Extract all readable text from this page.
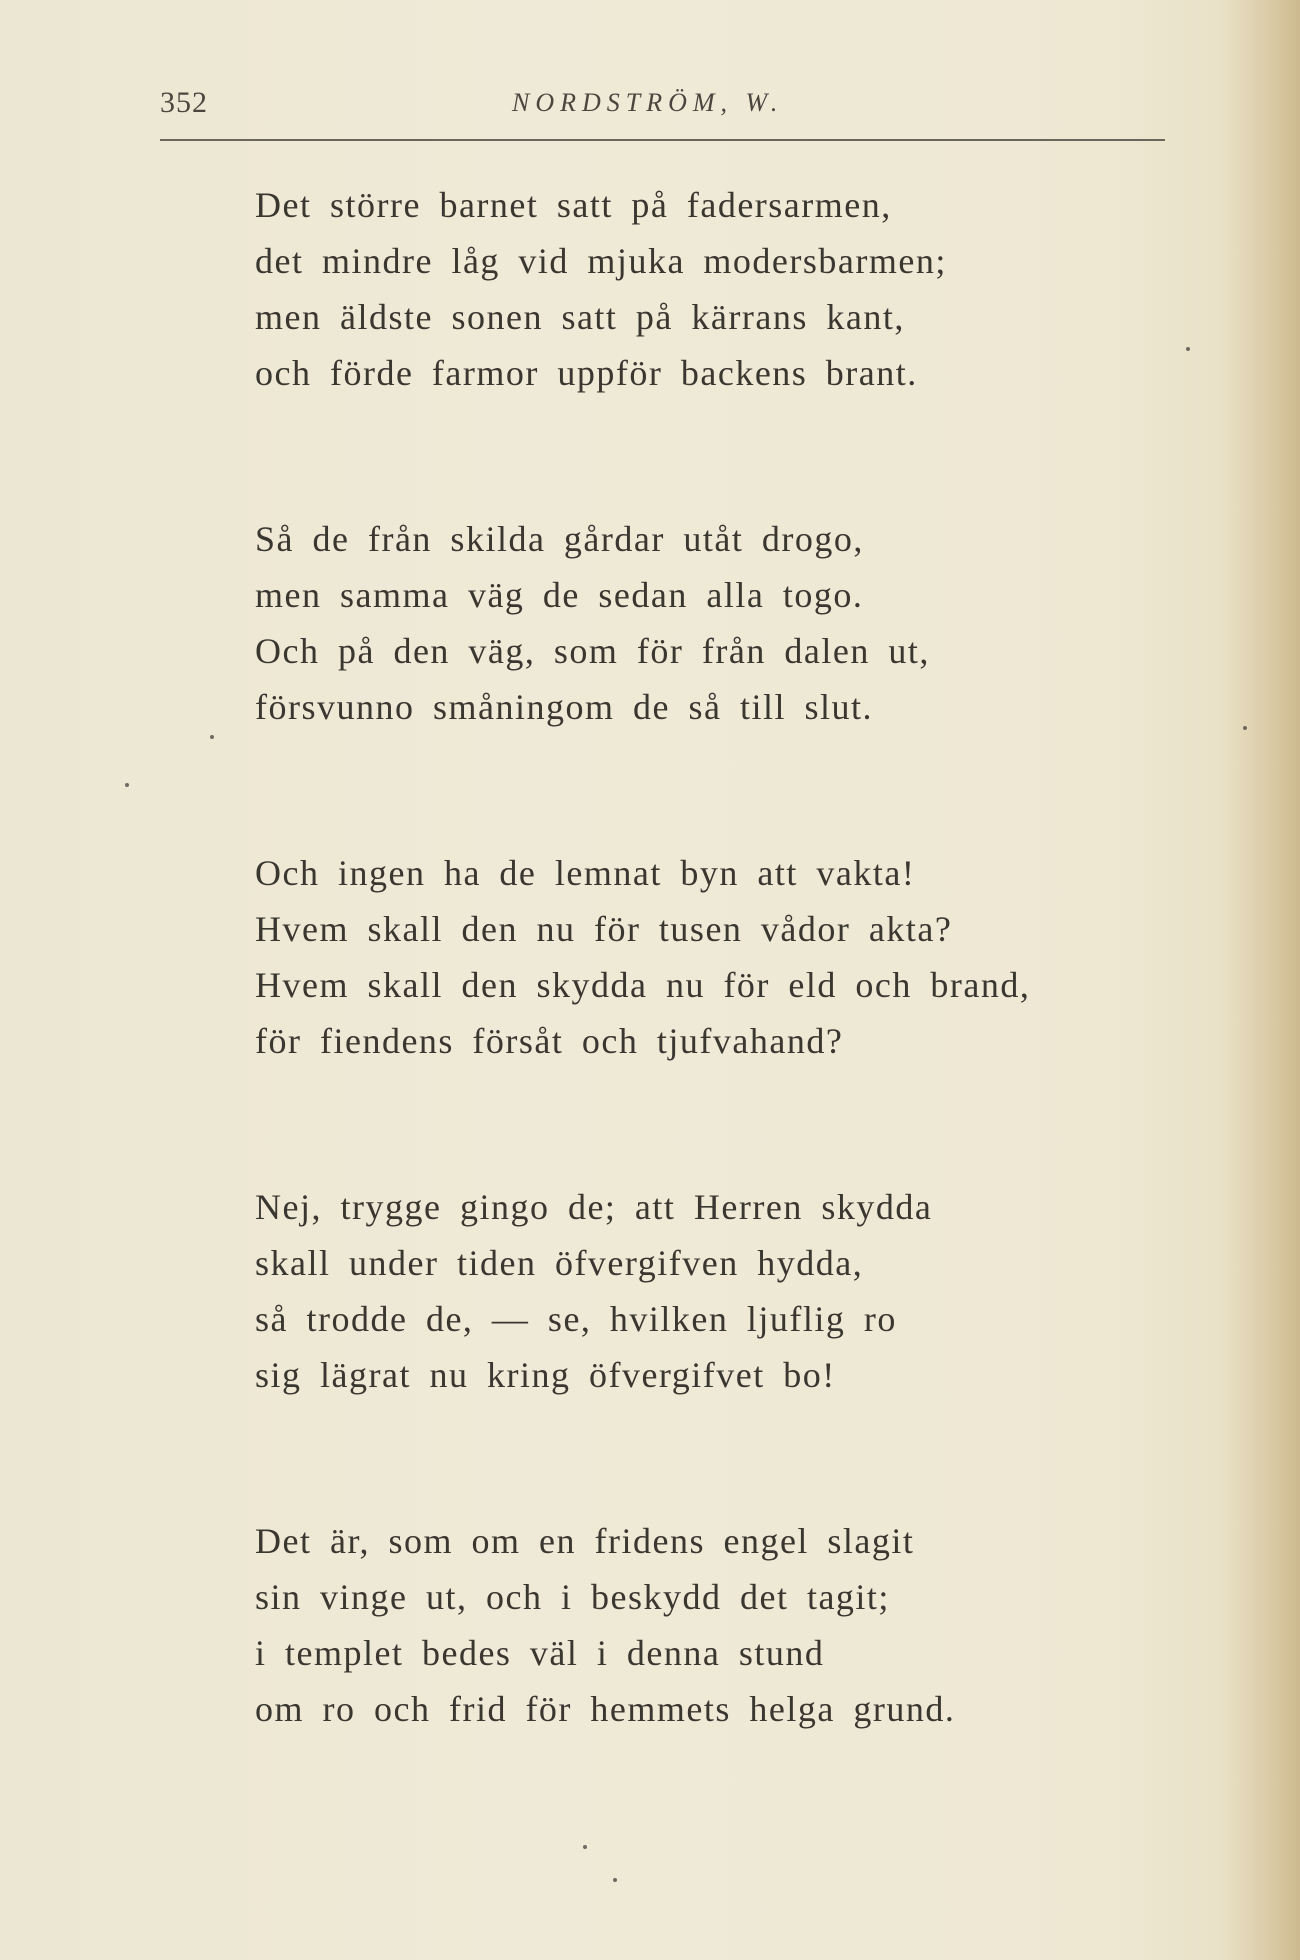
352	NORDSTRÖM, W.
Det större barnet satt på fadersarmen,
det mindre låg vid mjuka modersbarmen;
men äldste sonen satt på kärrans kant,
och förde farmor uppför backens brant.
Så de från skilda gårdar utåt drogo,
men samma väg de sedan alla togo.
Och på den väg, som för från dalen ut,
försvunno småningom de så till slut.
Och ingen ha de lemnat byn att vakta!
Hvem skall den nu för tusen vådor akta?
Hvem skall den skydda nu för eld och brand,
för fiendens försåt och tjufvahand?
Nej, trygge gingo de; att Herren skydda
skall under tiden öfvergifven hydda,
så trodde de, — se, hvilken ljuflig ro
sig lägrat nu kring öfvergifvet bo!
Det är, som om en fridens engel slagit
sin vinge ut, och i beskydd det tagit;
i templet bedes väl i denna stund
om ro och frid för hemmets helga grund.
